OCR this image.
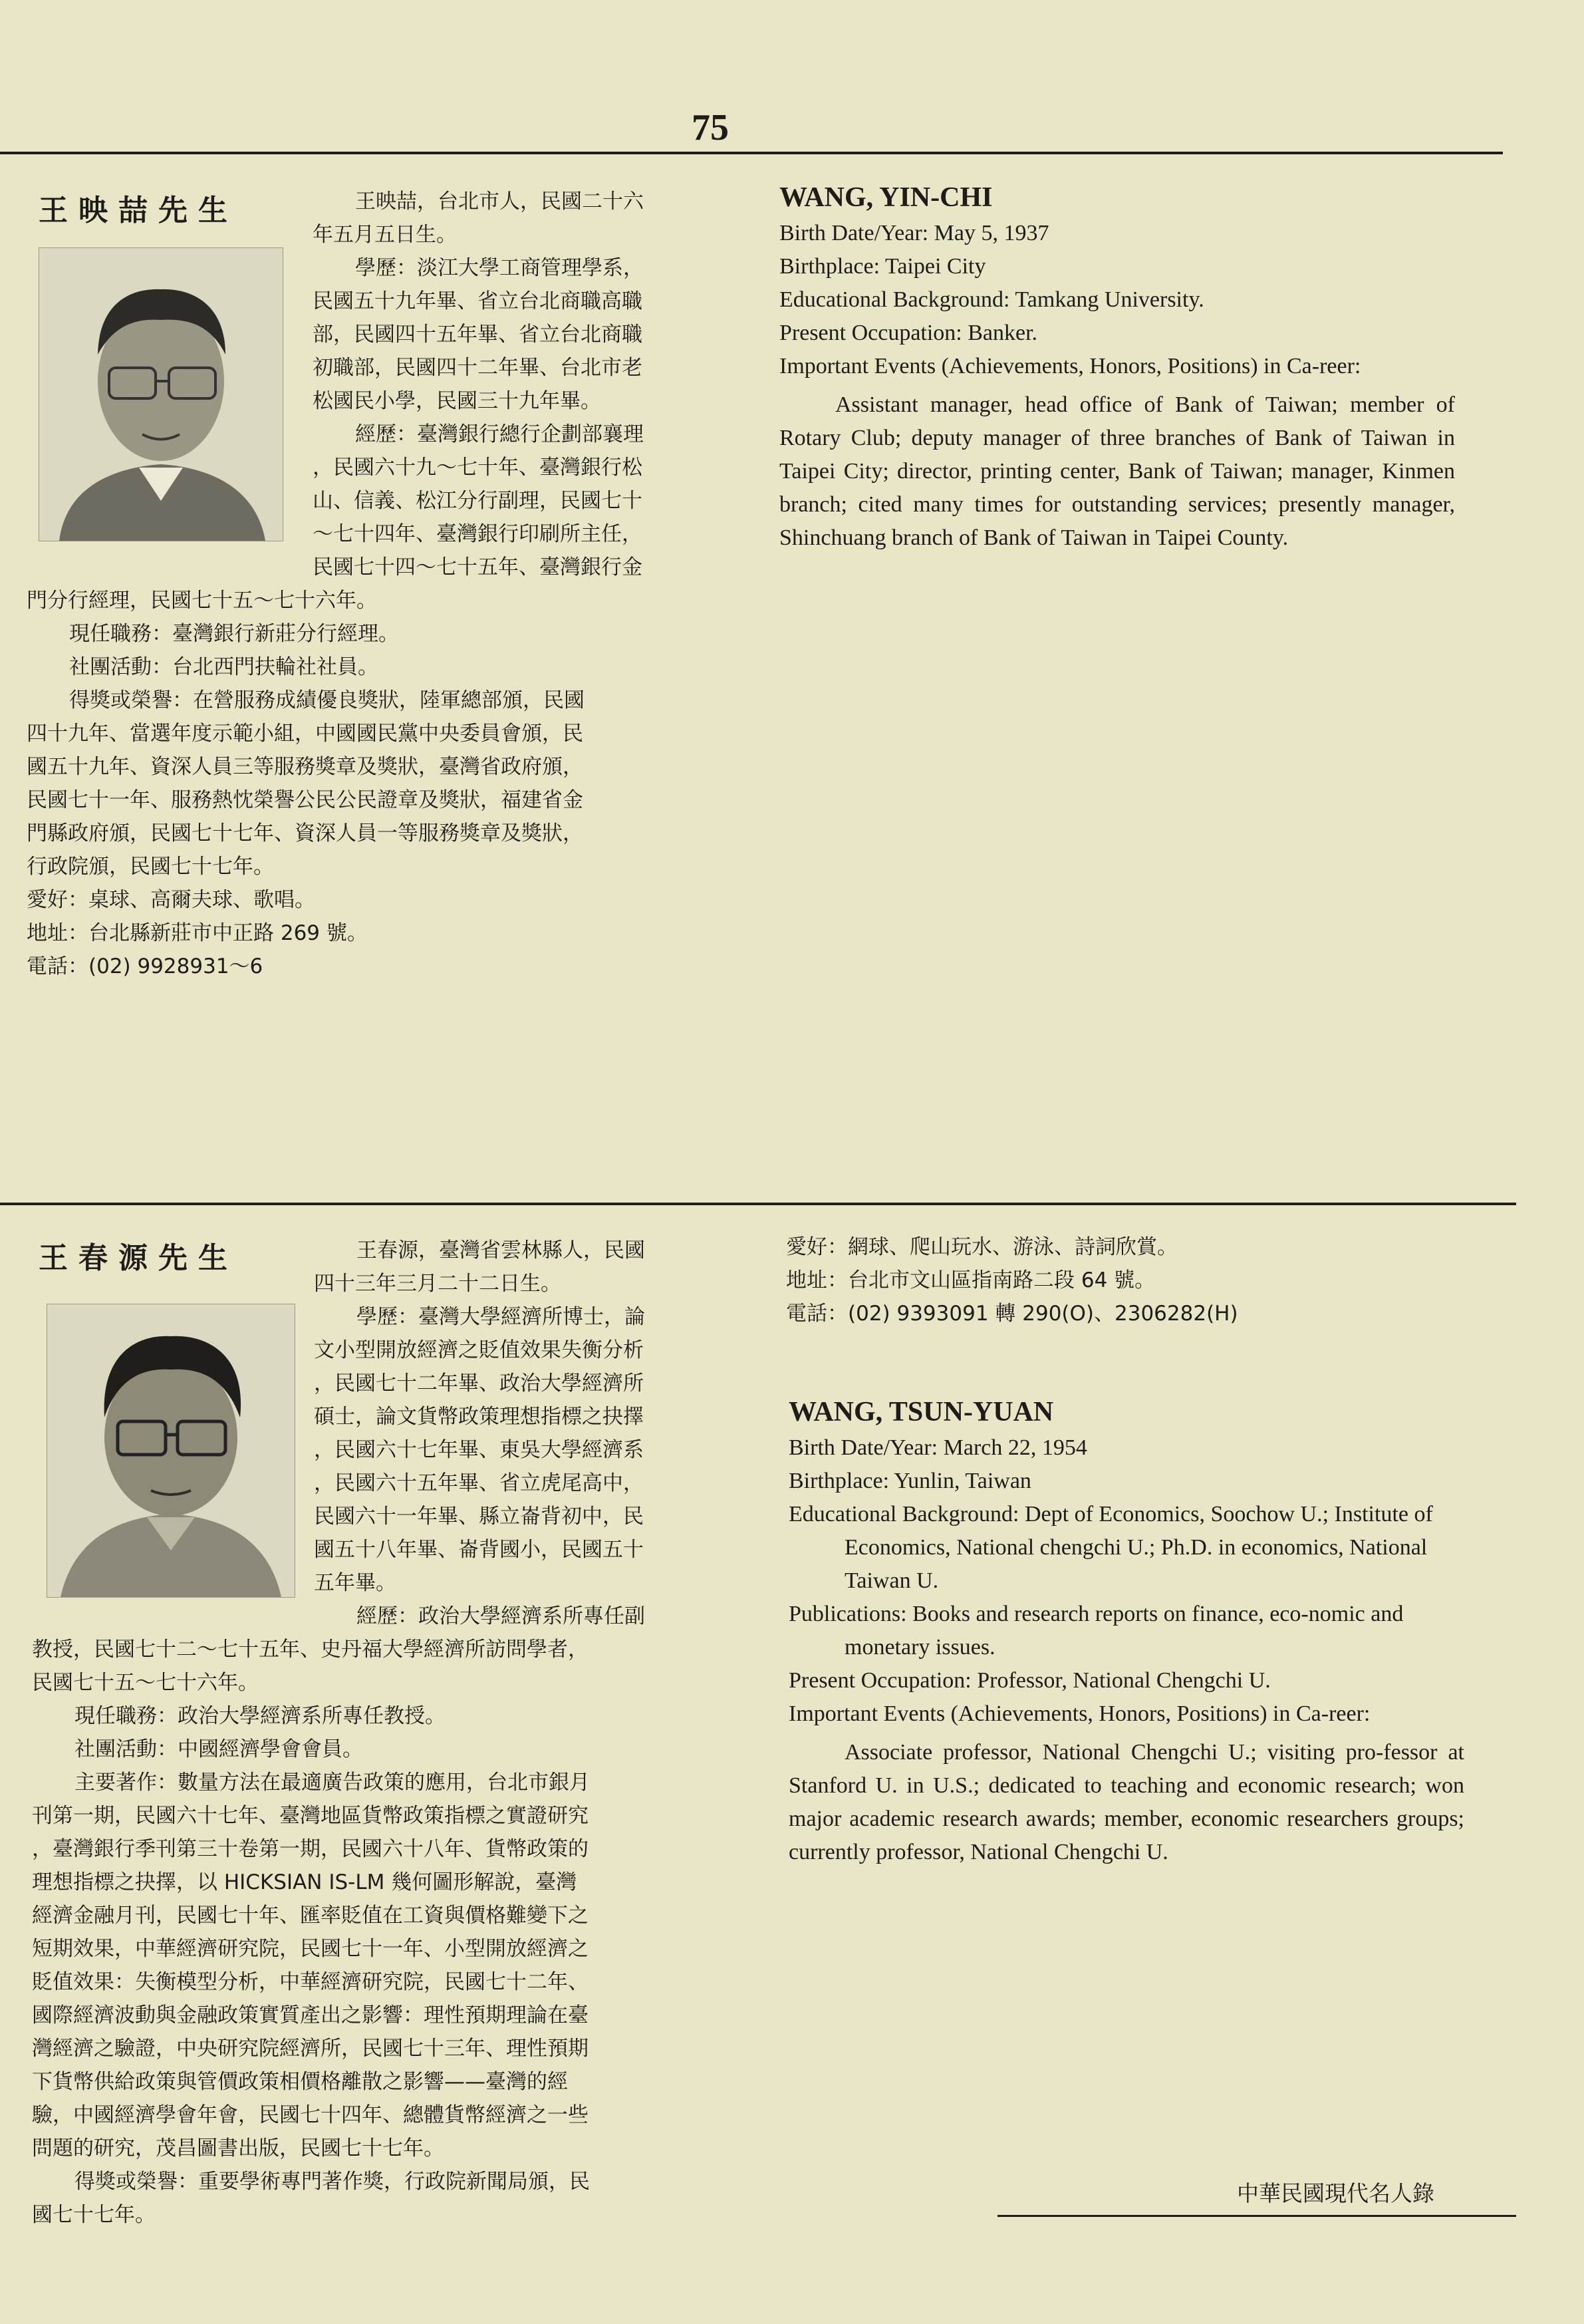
75
王映喆先生	王映喆，台北市人，民國二十六

年五月五日生。

學歷：淡江大學工商管理學系，

民國五十九年畢、省立台北商職高職

部，民國四十五年畢、省立台北商職

初職部，民國四十二年畢、台北市老

松國民小學，民國三十九年畢。

經歷：臺灣銀行總行企劃部襄理

，民國六十九～七十年、臺灣銀行松

山、信義、松江分行副理，民國七十

～七十四年、臺灣銀行印刷所主任，

民國七十四～七十五年、臺灣銀行金

門分行經理，民國七十五～七十六年。

現任職務：臺灣銀行新莊分行經理。

社團活動：台北西門扶輪社社員。

得獎或榮譽：在營服務成績優良獎狀，陸軍總部頒，民國

四十九年、當選年度示範小組，中國國民黨中央委員會頒，民

國五十九年、資深人員三等服務獎章及獎狀，臺灣省政府頒，

民國七十一年、服務熱忱榮譽公民公民證章及獎狀，福建省金

門縣政府頒，民國七十七年、資深人員一等服務獎章及獎狀，

行政院頒，民國七十七年。

愛好：桌球、高爾夫球、歌唱。

地址：台北縣新莊市中正路 269 號。

電話：(02) 9928931～6

WANG, YIN-CHI
Birth Date/Year: May 5, 1937
Birthplace: Taipei City
Educational Background: Tamkang University.
Present Occupation: Banker.
Important Events (Achievements, Honors, Positions) in Ca-reer:
Assistant manager, head office of Bank of Taiwan; member of Rotary Club; deputy manager of three branches of Bank of Taiwan in Taipei City; director, printing center, Bank of Taiwan; manager, Kinmen branch; cited many times for outstanding services; presently manager, Shinchuang branch of Bank of Taiwan in Taipei County.
王春源先生	王春源，臺灣省雲林縣人，民國

四十三年三月二十二日生。

學歷：臺灣大學經濟所博士，論

文小型開放經濟之貶值效果失衡分析

，民國七十二年畢、政治大學經濟所

碩士，論文貨幣政策理想指標之抉擇

，民國六十七年畢、東吳大學經濟系

，民國六十五年畢、省立虎尾高中，

民國六十一年畢、縣立崙背初中，民

國五十八年畢、崙背國小，民國五十

五年畢。

經歷：政治大學經濟系所專任副

教授，民國七十二～七十五年、史丹福大學經濟所訪問學者，

民國七十五～七十六年。

現任職務：政治大學經濟系所專任教授。

社團活動：中國經濟學會會員。

主要著作：數量方法在最適廣告政策的應用，台北市銀月

刊第一期，民國六十七年、臺灣地區貨幣政策指標之實證研究

，臺灣銀行季刊第三十卷第一期，民國六十八年、貨幣政策的

理想指標之抉擇，以 HICKSIAN IS-LM 幾何圖形解說，臺灣

經濟金融月刊，民國七十年、匯率貶值在工資與價格難變下之

短期效果，中華經濟研究院，民國七十一年、小型開放經濟之

貶值效果：失衡模型分析，中華經濟研究院，民國七十二年、

國際經濟波動與金融政策實質產出之影響：理性預期理論在臺

灣經濟之驗證，中央研究院經濟所，民國七十三年、理性預期

下貨幣供給政策與管價政策相價格離散之影響——臺灣的經

驗，中國經濟學會年會，民國七十四年、總體貨幣經濟之一些

問題的研究，茂昌圖書出版，民國七十七年。

得獎或榮譽：重要學術專門著作獎，行政院新聞局頒，民

國七十七年。

愛好：網球、爬山玩水、游泳、詩詞欣賞。

地址：台北市文山區指南路二段 64 號。

電話：(02) 9393091 轉 290(O)、2306282(H)

WANG, TSUN-YUAN
Birth Date/Year: March 22, 1954
Birthplace: Yunlin, Taiwan
Educational Background: Dept of Economics, Soochow U.; Institute of Economics, National chengchi U.; Ph.D. in economics, National Taiwan U.
Publications: Books and research reports on finance, eco-nomic and monetary issues.
Present Occupation: Professor, National Chengchi U.
Important Events (Achievements, Honors, Positions) in Ca-reer:
Associate professor, National Chengchi U.; visiting pro-fessor at Stanford U. in U.S.; dedicated to teaching and economic research; won major academic research awards; member, economic researchers groups; currently professor, National Chengchi U.
中華民國現代名人錄
